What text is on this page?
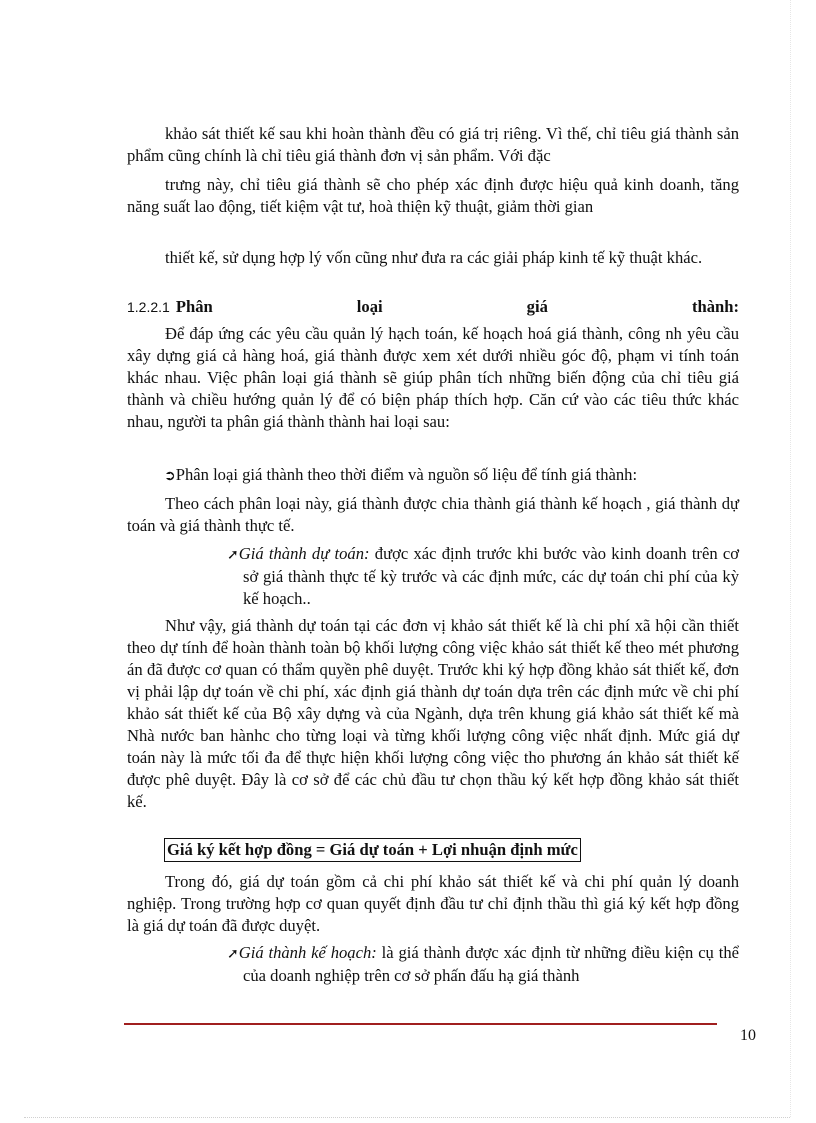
khảo sát thiết kế sau khi hoàn thành đều có giá trị riêng. Vì thế, chỉ tiêu giá thành sản phẩm cũng chính là chỉ tiêu giá thành đơn vị sản phẩm. Với đặc

trưng này, chỉ tiêu giá thành sẽ cho phép xác định được hiệu quả kinh doanh, tăng năng suất lao động, tiết kiệm vật tư, hoà thiện kỹ thuật, giảm thời gian

thiết kế, sử dụng hợp lý vốn cũng như đưa ra các giải pháp kinh tế kỹ thuật khác.

1.2.2.1 Phân	loại	giá	thành:

Để đáp ứng các yêu cầu quản lý hạch toán, kế hoạch hoá giá thành, công nh yêu cầu xây dựng giá cả hàng hoá, giá thành được xem xét dưới nhiều góc độ, phạm vi tính toán khác nhau. Việc phân loại giá thành sẽ giúp phân tích những biến động của chỉ tiêu giá thành và chiều hướng quản lý để có biện pháp thích hợp. Căn cứ vào các tiêu thức khác nhau, người ta phân giá thành thành hai loại sau:

➲Phân loại giá thành theo thời điểm và nguồn số liệu để tính giá thành:

Theo cách phân loại này, giá thành được chia thành giá thành kế hoạch , giá thành dự toán và giá thành thực tế.

➚Giá thành dự toán: được xác định trước khi bước vào kinh doanh trên cơ sở giá thành thực tế kỳ trước và các định mức, các dự toán chi phí của kỳ kế hoạch..

Như vậy, giá thành dự toán tại các đơn vị khảo sát thiết kế là chi phí xã hội cần thiết theo dự tính để hoàn thành toàn bộ khối lượng công việc khảo sát thiết kế theo mét phương án đã được cơ quan có thẩm quyền phê duyệt. Trước khi ký hợp đồng khảo sát thiết kế, đơn vị phải lập dự toán về chi phí, xác định giá thành dự toán dựa trên các định mức về chi phí khảo sát thiết kế của Bộ xây dựng và của Ngành, dựa trên khung giá khảo sát thiết kế mà Nhà nước ban hànhc cho từng loại và từng khối lượng công việc nhất định. Mức giá dự toán này là mức tối đa để thực hiện khối lượng công việc tho phương án khảo sát thiết kế được phê duyệt. Đây là cơ sở để các chủ đầu tư chọn thầu ký kết hợp đồng khảo sát thiết kế.

Giá ký kết hợp đồng = Giá dự toán + Lợi nhuận định mức

Trong đó, giá dự toán gồm cả chi phí khảo sát thiết kế và chi phí quản lý doanh nghiệp. Trong trường hợp cơ quan quyết định đầu tư chỉ định thầu thì giá ký kết hợp đồng là giá dự toán đã được duyệt.

➚Giá thành kế hoạch: là giá thành được xác định từ những điều kiện cụ thể của doanh nghiệp trên cơ sở phấn đấu hạ giá thành

10
